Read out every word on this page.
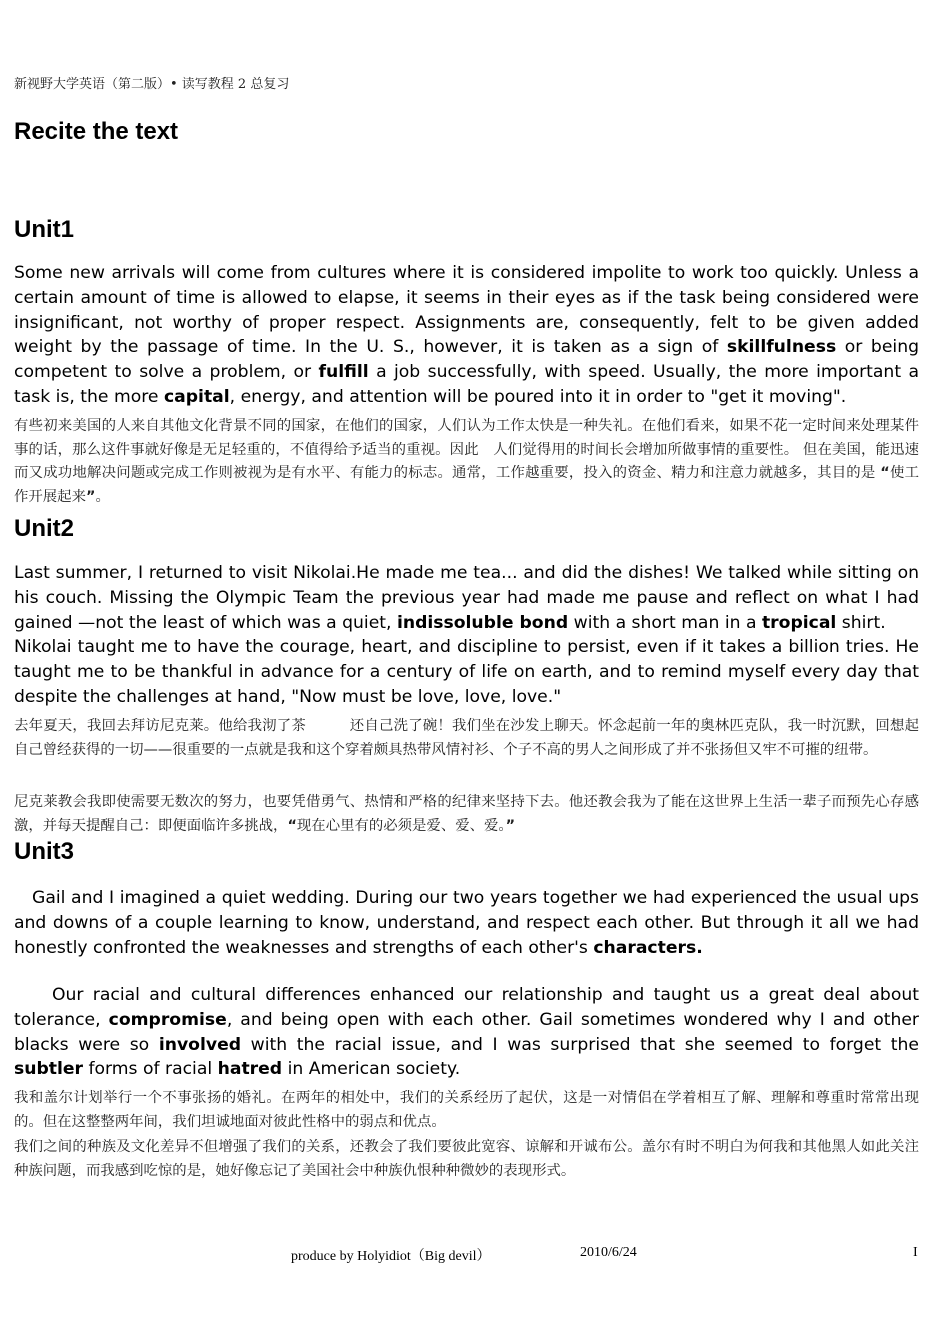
新视野大学英语（第二版）• 读写教程 2 总复习
Recite the text
Unit1

Some new arrivals will come from cultures where it is considered impolite to work too quickly. Unless a certain amount of time is allowed to elapse, it seems in their eyes as if the task being considered were insignificant, not worthy of proper respect. Assignments are, consequently, felt to be given added weight by the passage of time. In the U. S., however, it is taken as a sign of skillfulness or being competent to solve a problem, or fulfill a job successfully, with speed. Usually, the more important a task is, the more capital, energy, and attention will be poured into it in order to "get it moving".

有些初来美国的人来自其他文化背景不同的国家，在他们的国家，人们认为工作太快是一种失礼。在他们看来，如果不花一定时间来处理某件事的话，那么这件事就好像是无足轻重的，不值得给予适当的重视。因此　人们觉得用的时间长会增加所做事情的重要性。 但在美国，能迅速而又成功地解决问题或完成工作则被视为是有水平、有能力的标志。通常，工作越重要，投入的资金、精力和注意力就越多，其目的是 “使工作开展起来”。

Unit2

Last summer, I returned to visit Nikolai.He made me tea... and did the dishes! We talked while sitting on his couch. Missing the Olympic Team the previous year had made me pause and reflect on what I had gained —not the least of which was a quiet, indissoluble bond with a short man in a tropical shirt.
Nikolai taught me to have the courage, heart, and discipline to persist, even if it takes a billion tries. He taught me to be thankful in advance for a century of life on earth, and to remind myself every day that despite the challenges at hand, "Now must be love, love, love."

去年夏天，我回去拜访尼克莱。他给我沏了茶　　　还自己洗了碗！我们坐在沙发上聊天。怀念起前一年的奥林匹克队，我一时沉默，回想起自己曾经获得的一切——很重要的一点就是我和这个穿着颇具热带风情衬衫、个子不高的男人之间形成了并不张扬但又牢不可摧的纽带。

尼克莱教会我即使需要无数次的努力，也要凭借勇气、热情和严格的纪律来坚持下去。他还教会我为了能在这世界上生活一辈子而预先心存感激，并每天提醒自己：即便面临许多挑战，“现在心里有的必须是爱、爱、爱。”

Unit3

Gail and I imagined a quiet wedding. During our two years together we had experienced the usual ups and downs of a couple learning to know, understand, and respect each other. But through it all we had honestly confronted the weaknesses and strengths of each other's characters.

Our racial and cultural differences enhanced our relationship and taught us a great deal about tolerance, compromise, and being open with each other. Gail sometimes wondered why I and other blacks were so involved with the racial issue, and I was surprised that she seemed to forget the subtler forms of racial hatred in American society.

我和盖尔计划举行一个不事张扬的婚礼。在两年的相处中，我们的关系经历了起伏，这是一对情侣在学着相互了解、理解和尊重时常常出现的。但在这整整两年间，我们坦诚地面对彼此性格中的弱点和优点。

我们之间的种族及文化差异不但增强了我们的关系，还教会了我们要彼此宽容、谅解和开诚布公。盖尔有时不明白为何我和其他黑人如此关注种族问题，而我感到吃惊的是，她好像忘记了美国社会中种族仇恨种种微妙的表现形式。

produce by Holyidiot（Big devil）	2010/6/24	I
